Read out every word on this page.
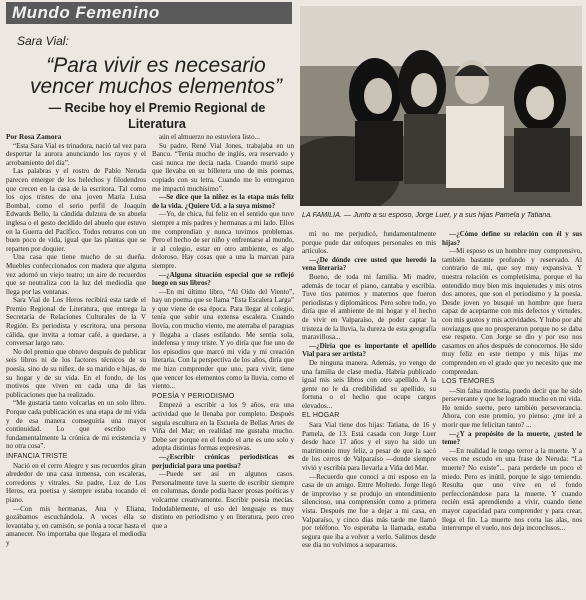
Mundo Femenino
Sara Vial:
“Para vivir es necesario vencer muchos elementos”
— Recibe hoy el Premio Regional de Literatura
LA FAMILIA. — Junto a su esposo, Jorge Luer, y a sus hijas Pamela y Tatiana.

Por Rosa Zamora

“Esta Sara Vial es trinadora, nació tal vez para despertar la aurora anunciando los rayos y el arrobamiento del día”.

Las palabras y el rostro de Pablo Neruda parecen emerger de los helechos y filodendros que crecen en la casa de la escritora. Tal como los ojos tristes de una joven María Luisa Bombal, como el serio perfil de Joaquín Edwards Bello, la cándida dulzura de su abuela inglesa o el gesto decidido del abuelo que estuvo en la Guerra del Pacífico. Todos retratos con un buen poco de vida, igual que las plantas que se reparten por doquier.

Una casa que tiene mucho de su dueña. Muebles confeccionados con madera que alguna vez adornó un viejo teatro; un aire de recuerdos que se neutraliza con la luz del mediodía que llega por las ventanas.

Sara Vial de Los Heros recibirá esta tarde el Premio Regional de Literatura, que entrega la Secretaría de Relaciones Culturales de la V Región. Es periodista y escritora, una persona cálida, que invita a tomar café, a quedarse, a conversar largo rato.

No del premio que obtuvo después de publicar seis libros ni de los factores técnicos de su poesía, sino de su niñez, de su marido e hijas, de su hogar y de su vida. En el fondo, de los motivos que viven en cada una de las publicaciones que ha realizado.

“Me gustaría tanto volcarlas en un solo libro. Porque cada publicación es una etapa de mi vida y de esa manera conseguiría una mayor continuidad. Lo que escribo es fundamentalmente la crónica de mi existencia y no otra cosa”.

INFANCIA TRISTE

Nació en el cerro Alegre y sus recuerdos giran alrededor de una casa inmensa, con escaleras, corredores y vitrales. Su padre, Luz de Los Heros, era poetisa y siempre estaba tocando el piano.

—Con mis hermanas, Ana y Eliana, gozábamos escuchándola. A veces ella se levantaba y, en camisón, se ponía a tocar hasta el amanecer. No importaba que llegara el mediodía y

aún el almuerzo no estuviera listo...

Su padre, René Vial Jones, trabajaba en un Banco. “Tenía mucho de inglés, era reservado y casi nunca me decía nada. Cuando murió supe que llevaba en su billetera uno de mis poemas, copiado con su letra. Cuando me lo entregaron me impactó muchísimo”.

—Se dice que la niñez es la etapa más feliz de la vida. ¿Quiere Ud. a la suya mismo?

—Yo, de chica, fui feliz en el sentido que tuve siempre a mis padres y hermanas a mi lado. Ellos me comprendían y nunca tuvimos problemas. Pero el hecho de ser niño y enfrentarse al mundo, ir al colegio, estar en otro ambiente, es algo doloroso. Hay cosas que a una la marcan para siempre.

—¿Alguna situación especial que se reflejó luego en sus libros?

—En mi último libro, “Al Oído del Viento”, hay un poema que se llama “Esta Escalera Larga” y que viene de esa época. Para llegar al colegio, tenía que subir una extensa escalera. Cuando llovía, con mucho viento, me aterraba el paraguas y llegaba a clases estilando. Me sentía sola, indefensa y muy triste. Y yo diría que fue uno de los episodios que marcó mi vida y mi creación literaria. Con la perspectiva de los años, diría que me hizo comprender que uno, para vivir, tiene que vencer los elementos como la lluvia, como el viento...

POESÍA Y PERIODISMO

Empezó a escribir a los 9 años, era una actividad que le llenaba por completo. Después seguía escultura en la Escuela de Bellas Artes de Viña del Mar; en realidad me gustaba mucho. Debe ser porque en el fondo el arte es uno solo y adopta distintas formas expresivas.

—¿Escribir crónicas periodísticas es perjudicial para una poetisa?

—Puede ser así en algunos casos. Personalmente tuve la suerte de escribir siempre en columnas, donde podía hacer prosas poéticas y volcarme creativamente. Escribir poesía mecías. Indudablemente, el uso del lenguaje es muy distinto en periodismo y en literatura, pero creo que a

mí no me perjudicó, fundamentalmente porque pude dar enfoques personales en mis artículos.

—¿De dónde cree usted que heredó la vena literaria?

Bueno, de toda mi familia. Mi madre, además de tocar el piano, cantaba y escribía. Tuve tíos paternos y maternos que fueron periodistas y diplomáticos. Pero sobre todo, yo diría que el ambiente de mi hogar y el hecho de vivir en Valparaíso, de poder captar la tristeza de la lluvia, la dureza de esta geografía maravillosa...

—¿Diría que es importante el apellido Vial para ser artista?

De ninguna manera. Además, yo vengo de una familia de clase media. Habría publicado igual mis seis libros con otro apellido. A la gente no le da credibilidad su apellido, su fortuna o el hecho que ocupe cargos elevados...

EL HOGAR

Sara Vial tiene dos hijas: Tatiana, de 16 y Pamela, de 13. Está casada con Jorge Luer desde hace 17 años y el suyo ha sido un matrimonio muy feliz, a pesar de que la sacó de los cerros de Valparaíso —donde siempre vivió y escribía para llevarla a Viña del Mar.

—Recuerdo que conocí a mi esposo en la casa de un amigo. Entre Moltedo. Jorge llegó de improviso y se produjo un entendimiento silencioso, una comprensión como a primera vista. Después me fue a dejar a mi casa, en Valparaíso, y cinco días más tarde me llamó por teléfono. Yo esperaba la llamada, estaba segura que iba a volver a verlo. Salimos desde ese día no volvimos a separarnos.

—¿Cómo define su relación con él y sus hijas?

—Mi esposo es un hombre muy comprensivo, también bastante profundo y reservado. Al contrario de mí, que soy muy expansiva. Y nuestra relación es completísima, porque el ha entendido muy bien mis inquietudes y mis otros dos amores, que son el periodismo y la poesía. Desde joven yo busqué un hombre que fuera capaz de aceptarme con mis defectos y virtudes, con mis gustos y mis actividades. Y hubo por ahí noviazgos que no prosperaron porque no se daba ese respeto. Con Jorge se dio y por eso nos casamos en años después de conocernos. He sido muy feliz en este tiempo y mis hijas me comprenden en el grado que yo necesito que me comprendan.

LOS TEMORES

—Sin falsa modestia, puedo decir que he sido perseverante y que he logrado mucho en mi vida. He tenido suerte, pero también perseverancia. Ahora, con este premio, yo pienso: ¿me iré a morir que me felicitan tanto? ...

—¿Y a propósito de la muerte, ¿usted le teme?

—En realidad le tengo terror a la muerte. Y a veces me escudo en una frase de Neruda: “La muerte? No existe”... para perderle un poco el miedo. Pero es inútil, porque le sigo temiendo. Resulta que uno vive en el fondo perfeccionándose para la muerte. Y cuando recién está aprendiendo a vivir, cuando tiene mayor capacidad para comprender y para crear, llega el fin. La muerte nos corta las alas, nos interrumpe el vuelo, nos deja inconclusos...
